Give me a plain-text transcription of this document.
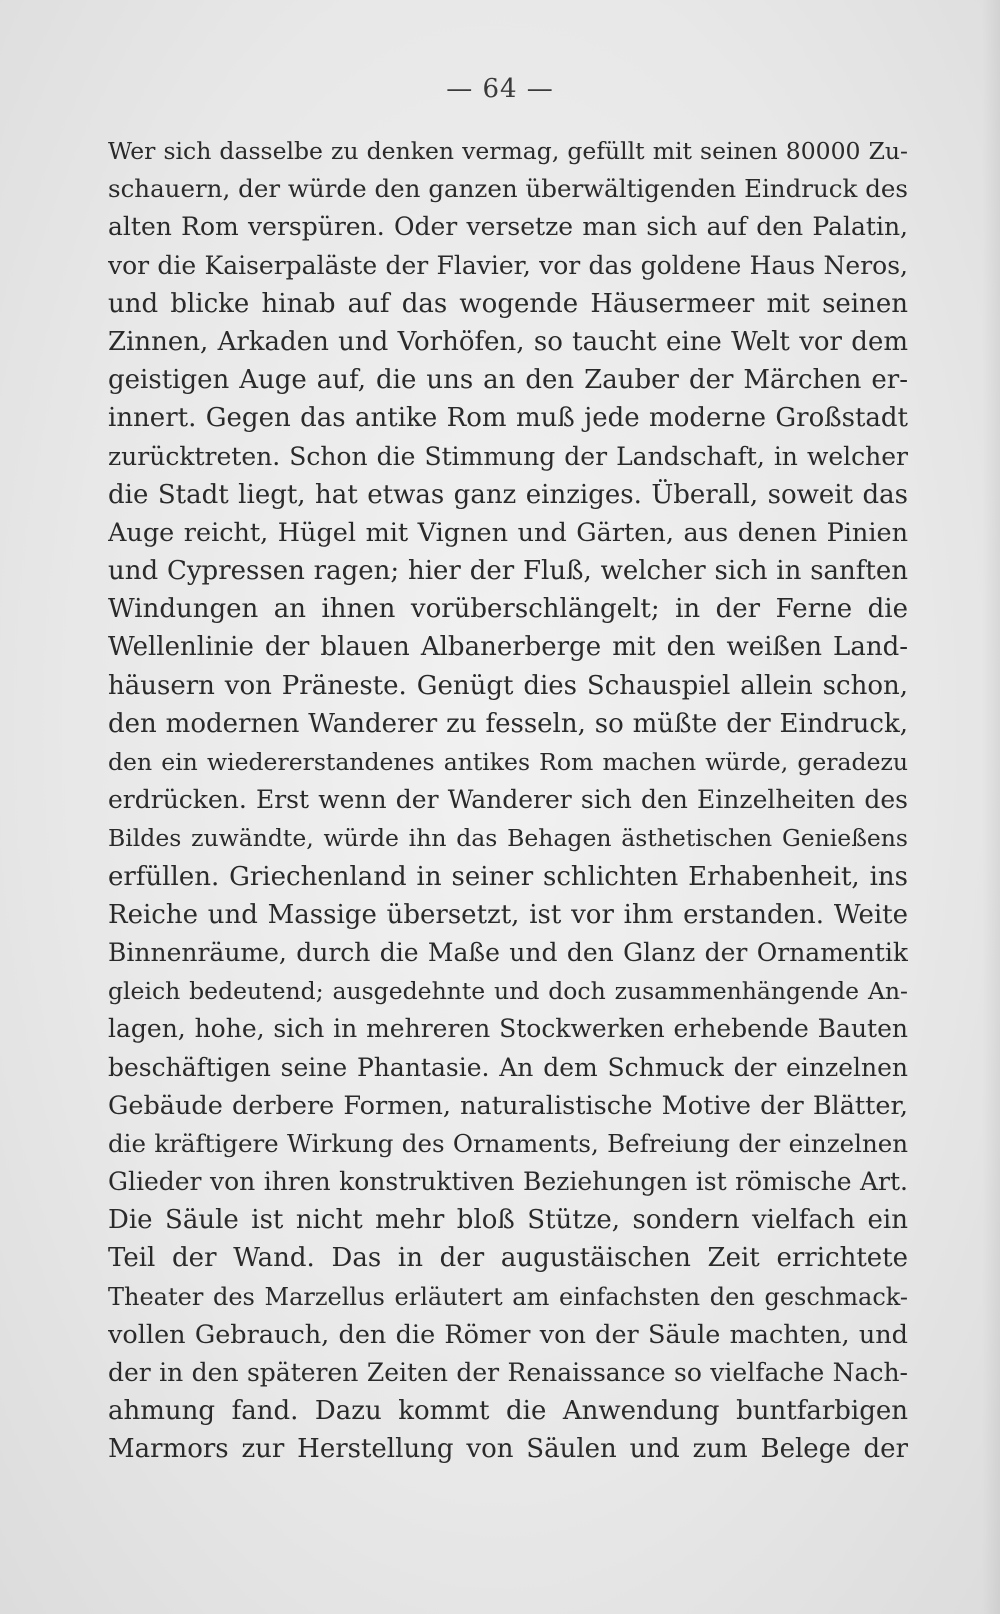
— 64 —
Wer sich dasselbe zu denken vermag, gefüllt mit seinen 80000 Zu-
schauern, der würde den ganzen überwältigenden Eindruck des
alten Rom verspüren. Oder versetze man sich auf den Palatin,
vor die Kaiserpaläste der Flavier, vor das goldene Haus Neros,
und blicke hinab auf das wogende Häusermeer mit seinen
Zinnen, Arkaden und Vorhöfen, so taucht eine Welt vor dem
geistigen Auge auf, die uns an den Zauber der Märchen er-
innert. Gegen das antike Rom muß jede moderne Großstadt
zurücktreten. Schon die Stimmung der Landschaft, in welcher
die Stadt liegt, hat etwas ganz einziges. Überall, soweit das
Auge reicht, Hügel mit Vignen und Gärten, aus denen Pinien
und Cypressen ragen; hier der Fluß, welcher sich in sanften
Windungen an ihnen vorüberschlängelt; in der Ferne die
Wellenlinie der blauen Albanerberge mit den weißen Land-
häusern von Präneste. Genügt dies Schauspiel allein schon,
den modernen Wanderer zu fesseln, so müßte der Eindruck,
den ein wiedererstandenes antikes Rom machen würde, geradezu
erdrücken. Erst wenn der Wanderer sich den Einzelheiten des
Bildes zuwändte, würde ihn das Behagen ästhetischen Genießens
erfüllen. Griechenland in seiner schlichten Erhabenheit, ins
Reiche und Massige übersetzt, ist vor ihm erstanden. Weite
Binnenräume, durch die Maße und den Glanz der Ornamentik
gleich bedeutend; ausgedehnte und doch zusammenhängende An-
lagen, hohe, sich in mehreren Stockwerken erhebende Bauten
beschäftigen seine Phantasie. An dem Schmuck der einzelnen
Gebäude derbere Formen, naturalistische Motive der Blätter,
die kräftigere Wirkung des Ornaments, Befreiung der einzelnen
Glieder von ihren konstruktiven Beziehungen ist römische Art.
Die Säule ist nicht mehr bloß Stütze, sondern vielfach ein
Teil der Wand. Das in der augustäischen Zeit errichtete
Theater des Marzellus erläutert am einfachsten den geschmack-
vollen Gebrauch, den die Römer von der Säule machten, und
der in den späteren Zeiten der Renaissance so vielfache Nach-
ahmung fand. Dazu kommt die Anwendung buntfarbigen
Marmors zur Herstellung von Säulen und zum Belege der
